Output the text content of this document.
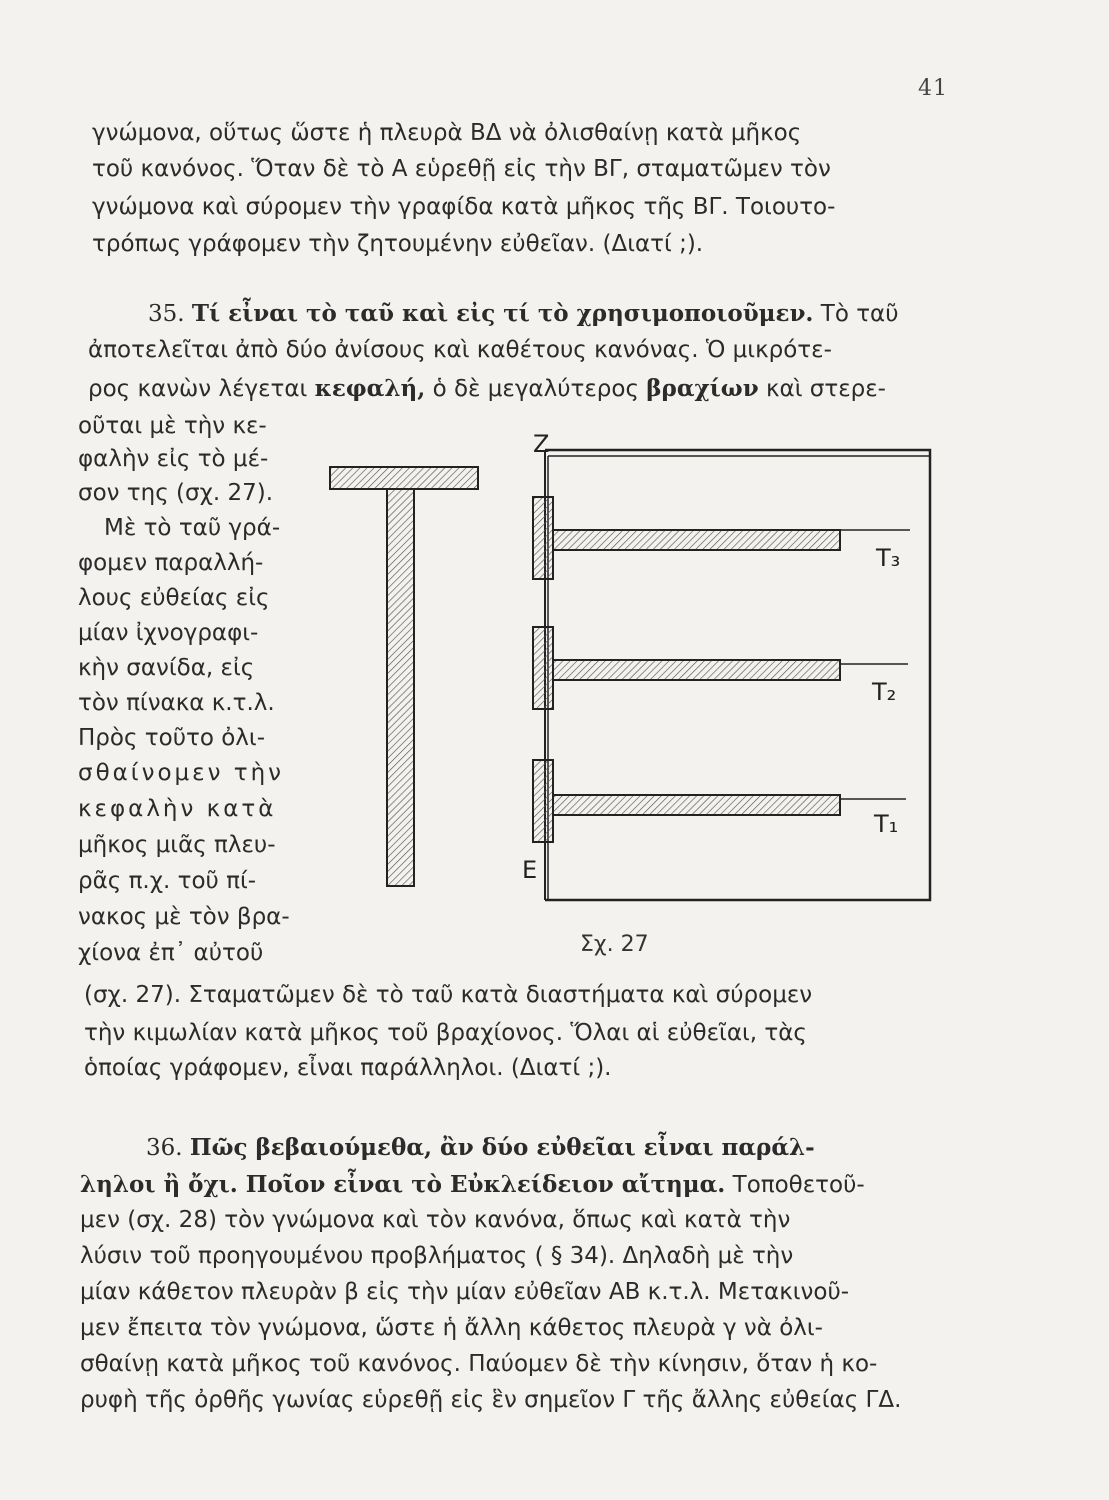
41
γνώμονα, οὕτως ὥστε ἡ πλευρὰ ΒΔ νὰ ὀλισθαίνῃ κατὰ μῆκος
τοῦ κανόνος. Ὅταν δὲ τὸ Α εὑρεθῇ εἰς τὴν ΒΓ, σταματῶμεν τὸν
γνώμονα καὶ σύρομεν τὴν γραφίδα κατὰ μῆκος τῆς ΒΓ. Τοιουτο-
τρόπως γράφομεν τὴν ζητουμένην εὐθεῖαν. (Διατί ;).
35. Τί εἶναι τὸ ταῦ καὶ εἰς τί τὸ χρησιμοποιοῦμεν. Τὸ ταῦ
ἀποτελεῖται ἀπὸ δύο ἀνίσους καὶ καθέτους κανόνας. Ὁ μικρότε-
ρος κανὼν λέγεται κεφαλή, ὁ δὲ μεγαλύτερος βραχίων καὶ στερε-
οῦται μὲ τὴν κε-
φαλὴν εἰς τὸ μέ-
σον της (σχ. 27).
Μὲ τὸ ταῦ γρά-
φομεν παραλλή-
λους εὐθείας εἰς
μίαν ἰχνογραφι-
κὴν σανίδα, εἰς
τὸν πίνακα κ.τ.λ.
Πρὸς τοῦτο ὀλι-
σθαίνομεν τὴν
κεφαλὴν κατὰ
μῆκος μιᾶς πλευ-
ρᾶς π.χ. τοῦ πί-
νακος μὲ τὸν βρα-
χίονα ἐπ᾽ αὐτοῦ
(σχ. 27). Σταματῶμεν δὲ τὸ ταῦ κατὰ διαστήματα καὶ σύρομεν
τὴν κιμωλίαν κατὰ μῆκος τοῦ βραχίονος. Ὅλαι αἱ εὐθεῖαι, τὰς
ὁποίας γράφομεν, εἶναι παράλληλοι. (Διατί ;).
Z
E
T₃
T₂
T₁
Σχ. 27
36. Πῶς βεβαιούμεθα, ἂν δύο εὐθεῖαι εἶναι παράλ-
ληλοι ἢ ὄχι. Ποῖον εἶναι τὸ Εὐκλείδειον αἴτημα. Τοποθετοῦ-
μεν (σχ. 28) τὸν γνώμονα καὶ τὸν κανόνα, ὅπως καὶ κατὰ τὴν
λύσιν τοῦ προηγουμένου προβλήματος ( § 34). Δηλαδὴ μὲ τὴν
μίαν κάθετον πλευρὰν β εἰς τὴν μίαν εὐθεῖαν ΑΒ κ.τ.λ. Μετακινοῦ-
μεν ἔπειτα τὸν γνώμονα, ὥστε ἡ ἄλλη κάθετος πλευρὰ γ νὰ ὀλι-
σθαίνῃ κατὰ μῆκος τοῦ κανόνος. Παύομεν δὲ τὴν κίνησιν, ὅταν ἡ κο-
ρυφὴ τῆς ὀρθῆς γωνίας εὑρεθῇ εἰς ἓν σημεῖον Γ τῆς ἄλλης εὐθείας ΓΔ.
